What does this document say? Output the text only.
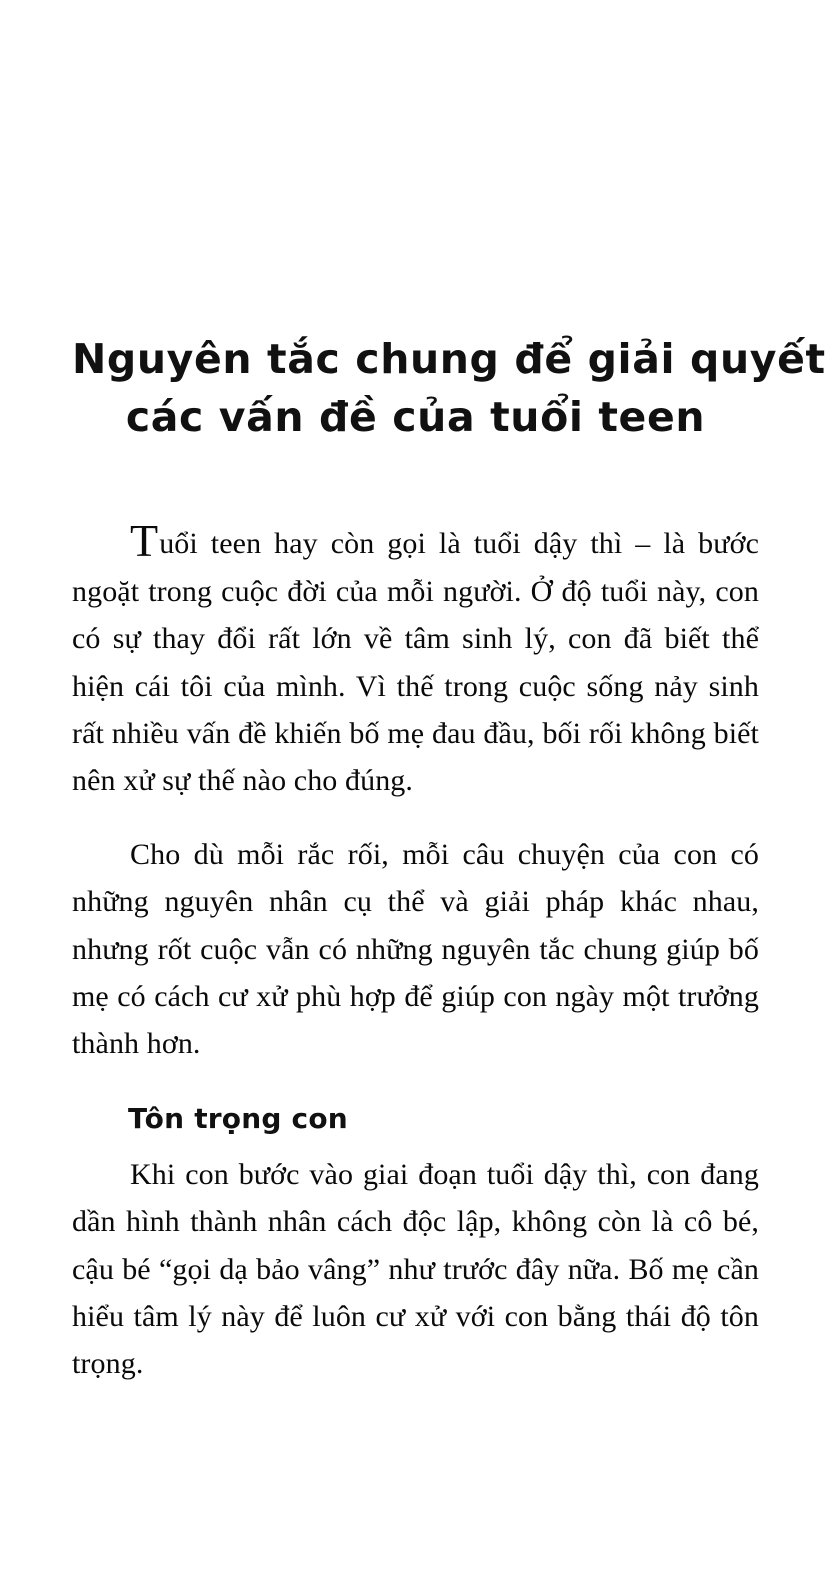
Nguyên tắc chung để giải quyết
các vấn đề của tuổi teen

Tuổi teen hay còn gọi là tuổi dậy thì – là bước ngoặt trong cuộc đời của mỗi người. Ở độ tuổi này, con có sự thay đổi rất lớn về tâm sinh lý, con đã biết thể hiện cái tôi của mình. Vì thế trong cuộc sống nảy sinh rất nhiều vấn đề khiến bố mẹ đau đầu, bối rối không biết nên xử sự thế nào cho đúng.

Cho dù mỗi rắc rối, mỗi câu chuyện của con có những nguyên nhân cụ thể và giải pháp khác nhau, nhưng rốt cuộc vẫn có những nguyên tắc chung giúp bố mẹ có cách cư xử phù hợp để giúp con ngày một trưởng thành hơn.

Tôn trọng con

Khi con bước vào giai đoạn tuổi dậy thì, con đang dần hình thành nhân cách độc lập, không còn là cô bé, cậu bé “gọi dạ bảo vâng” như trước đây nữa. Bố mẹ cần hiểu tâm lý này để luôn cư xử với con bằng thái độ tôn trọng.
